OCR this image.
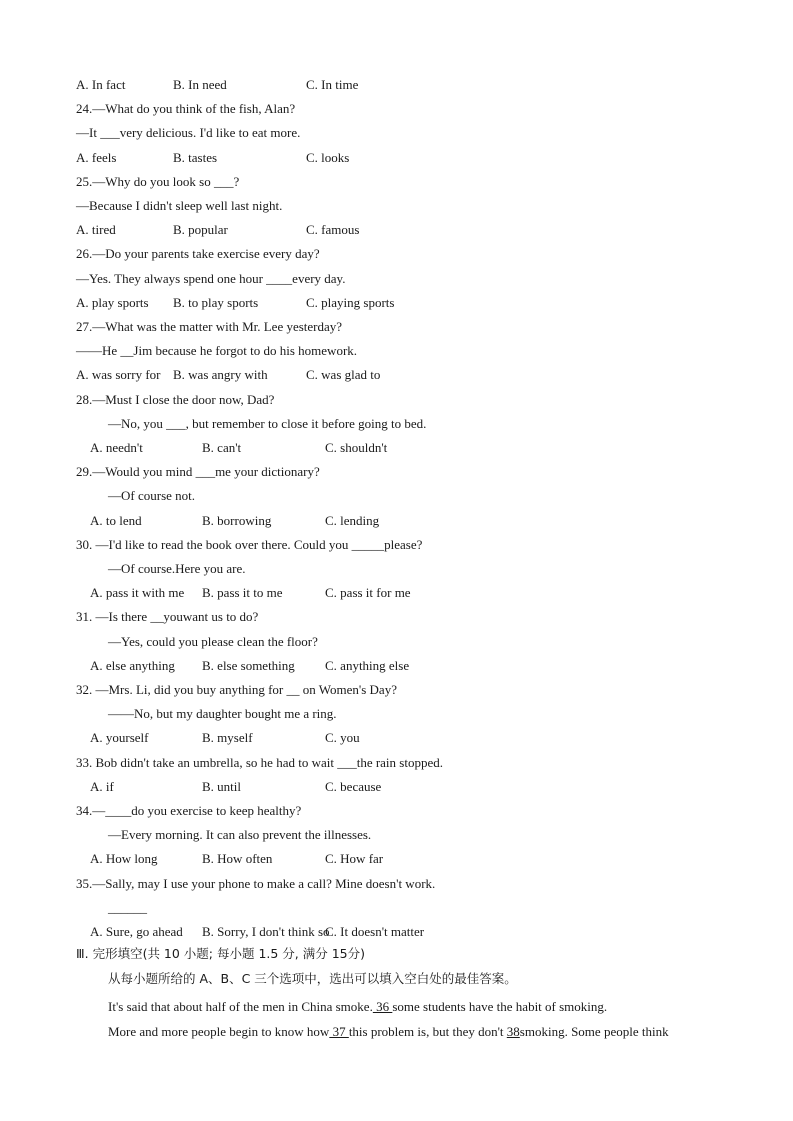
A. In fact	B. In need	C. In time
24.—What do you think of the fish, Alan?
—It ___very delicious. I'd like to eat more.
A. feels	B. tastes	C. looks
25.—Why do you look so ___?
—Because I didn't sleep well last night.
A. tired	B. popular	C. famous
26.—Do your parents take exercise every day?
—Yes. They always spend one hour ____every day.
A. play sports B. to play sports	C. playing sports
27.—What was the matter with Mr. Lee yesterday?
——He __Jim because he forgot to do his homework.
A. was sorry for B. was angry with	C. was glad to
28.—Must I close the door now, Dad?
—No, you ___, but remember to close it before going to bed.
A. needn't	B. can't	C. shouldn't
29.—Would you mind ___me your dictionary?
—Of course not.
A. to lend	B. borrowing	C. lending
30. —I'd like to read the book over there. Could you _____please?
—Of course.Here you are.
A. pass it with me B. pass it to me	C. pass it for me
31. —Is there __youwant us to do?
—Yes, could you please clean the floor?
A. else anything B. else something C. anything else
32. —Mrs. Li, did you buy anything for __ on Women's Day?
——No, but my daughter bought me a ring.
A. yourself	B. myself	C. you
33. Bob didn't take an umbrella, so he had to wait ___the rain stopped.
A. if	B. until	C. because
34.—____do you exercise to keep healthy?
—Every morning. It can also prevent the illnesses.
A. How long	B. How often	C. How far
35.—Sally, may I use your phone to make a call? Mine doesn't work.
______
A. Sure, go ahead B. Sorry, I don't think so
C. It doesn't matter
Ⅲ. 完形填空(共 10 小题; 每小题 1.5 分, 满分 15分)
从每小题所给的 A、B、C 三个选项中，选出可以填入空白处的最佳答案。
It's said that about half of the men in China smoke. 36 some students have the habit of smoking.
More and more people begin to know how 37 this problem is, but they don't 38smoking. Some people think
